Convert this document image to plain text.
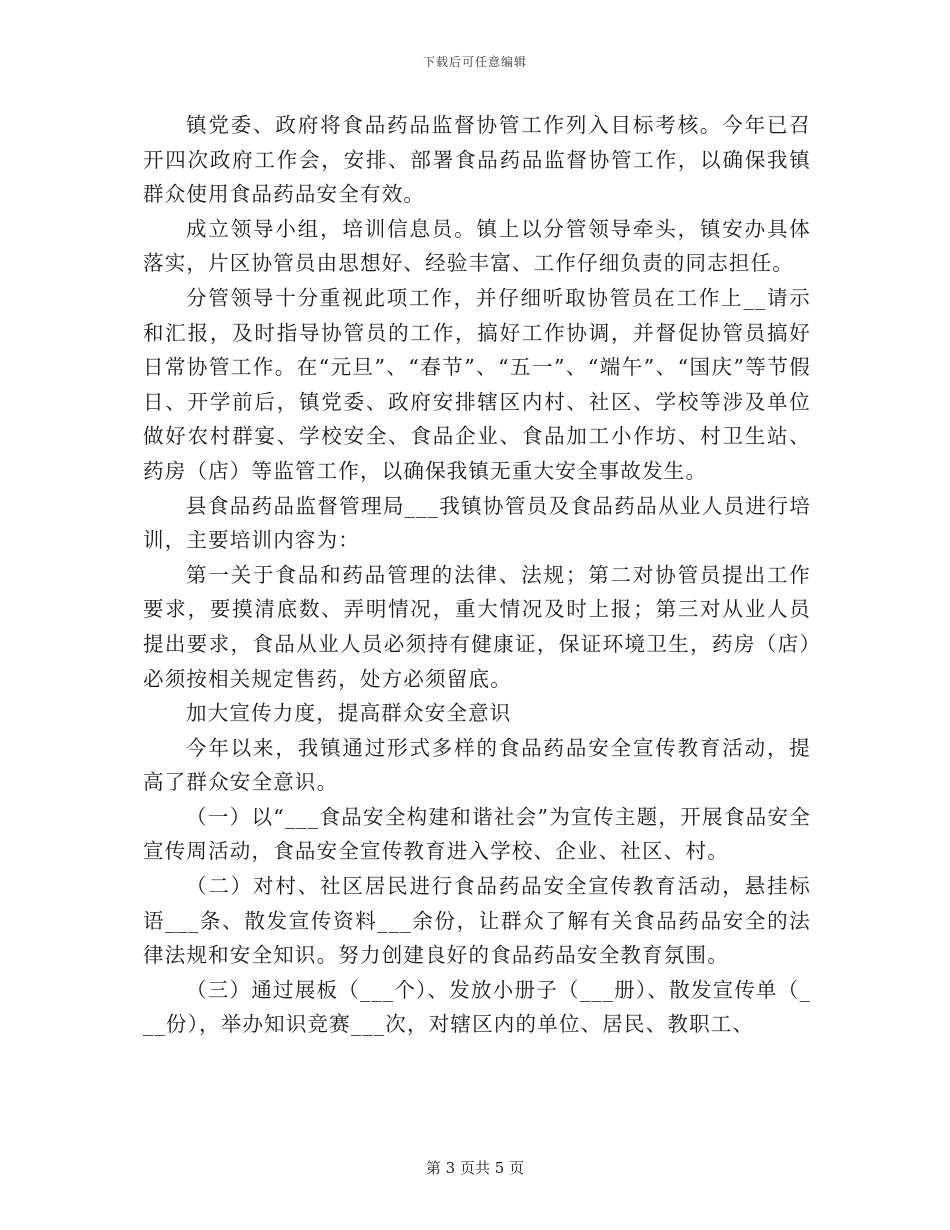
下载后可任意编辑

镇党委、政府将食品药品监督协管工作列入目标考核。今年已召开四次政府工作会，安排、部署食品药品监督协管工作，以确保我镇群众使用食品药品安全有效。

成立领导小组，培训信息员。镇上以分管领导牵头，镇安办具体落实，片区协管员由思想好、经验丰富、工作仔细负责的同志担任。

分管领导十分重视此项工作，并仔细听取协管员在工作上__请示和汇报，及时指导协管员的工作，搞好工作协调，并督促协管员搞好日常协管工作。在“元旦”、“春节”、“五一”、“端午”、“国庆”等节假日、开学前后，镇党委、政府安排辖区内村、社区、学校等涉及单位做好农村群宴、学校安全、食品企业、食品加工小作坊、村卫生站、药房（店）等监管工作，以确保我镇无重大安全事故发生。

县食品药品监督管理局___我镇协管员及食品药品从业人员进行培训，主要培训内容为：

第一关于食品和药品管理的法律、法规；第二对协管员提出工作要求，要摸清底数、弄明情况，重大情况及时上报；第三对从业人员提出要求，食品从业人员必须持有健康证，保证环境卫生，药房（店）必须按相关规定售药，处方必须留底。

加大宣传力度，提高群众安全意识

今年以来，我镇通过形式多样的食品药品安全宣传教育活动，提高了群众安全意识。

（一）以“___食品安全构建和谐社会”为宣传主题，开展食品安全宣传周活动，食品安全宣传教育进入学校、企业、社区、村。

（二）对村、社区居民进行食品药品安全宣传教育活动，悬挂标语___条、散发宣传资料___余份，让群众了解有关食品药品安全的法律法规和安全知识。努力创建良好的食品药品安全教育氛围。

（三）通过展板（___个）、发放小册子（___册）、散发宣传单（___份），举办知识竞赛___次，对辖区内的单位、居民、教职工、

第 3 页共 5 页
